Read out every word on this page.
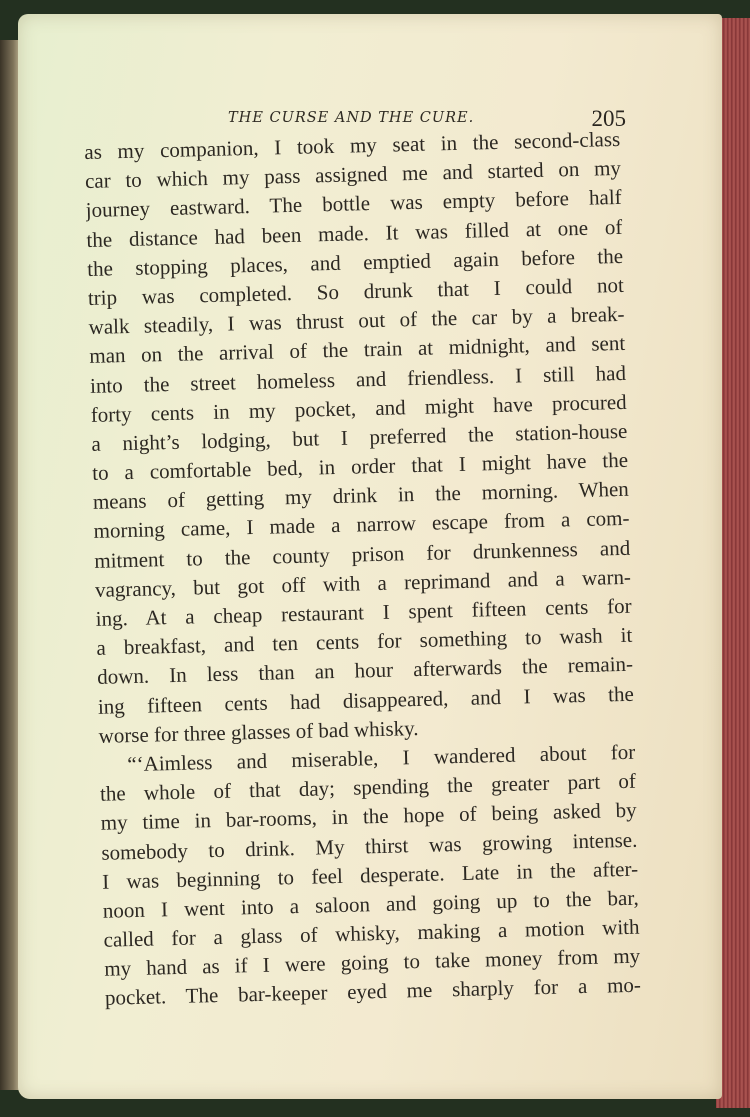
THE CURSE AND THE CURE.	205
as my companion, I took my seat in the second-class
car to which my pass assigned me and started on my
journey eastward. The bottle was empty before half
the distance had been made. It was filled at one of
the stopping places, and emptied again before the
trip was completed. So drunk that I could not
walk steadily, I was thrust out of the car by a break-
man on the arrival of the train at midnight, and sent
into the street homeless and friendless. I still had
forty cents in my pocket, and might have procured
a night’s lodging, but I preferred the station-house
to a comfortable bed, in order that I might have the
means of getting my drink in the morning. When
morning came, I made a narrow escape from a com-
mitment to the county prison for drunkenness and
vagrancy, but got off with a reprimand and a warn-
ing. At a cheap restaurant I spent fifteen cents for
a breakfast, and ten cents for something to wash it
down. In less than an hour afterwards the remain-
ing fifteen cents had disappeared, and I was the
worse for three glasses of bad whisky.
“‘Aimless and miserable, I wandered about for
the whole of that day; spending the greater part of
my time in bar-rooms, in the hope of being asked by
somebody to drink. My thirst was growing intense.
I was beginning to feel desperate. Late in the after-
noon I went into a saloon and going up to the bar,
called for a glass of whisky, making a motion with
my hand as if I were going to take money from my
pocket. The bar-keeper eyed me sharply for a mo-
